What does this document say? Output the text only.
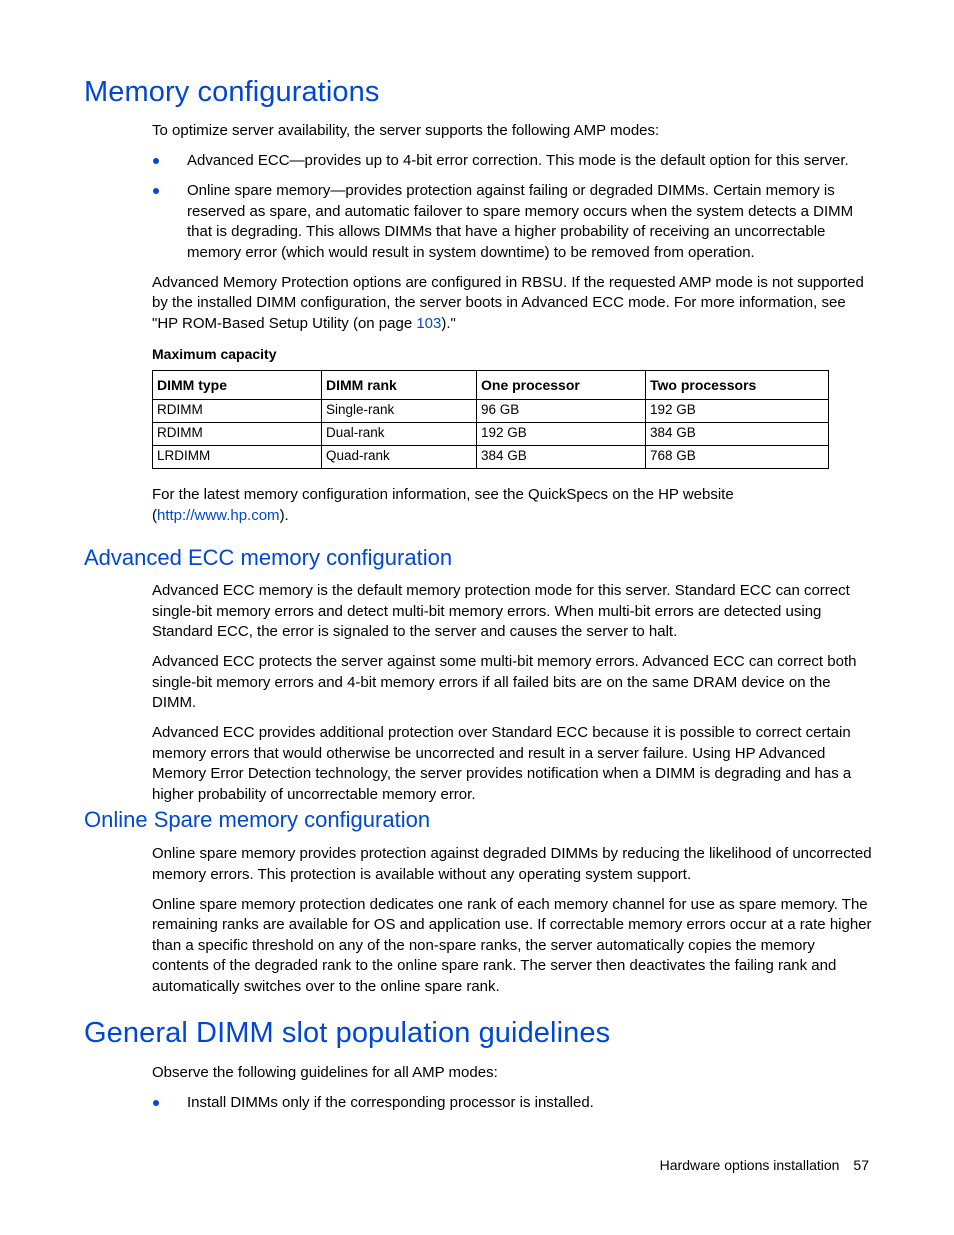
Memory configurations

To optimize server availability, the server supports the following AMP modes:

Advanced ECC—provides up to 4-bit error correction. This mode is the default option for this server.
Online spare memory—provides protection against failing or degraded DIMMs. Certain memory is reserved as spare, and automatic failover to spare memory occurs when the system detects a DIMM that is degrading. This allows DIMMs that have a higher probability of receiving an uncorrectable memory error (which would result in system downtime) to be removed from operation.

Advanced Memory Protection options are configured in RBSU. If the requested AMP mode is not supported by the installed DIMM configuration, the server boots in Advanced ECC mode. For more information, see "HP ROM-Based Setup Utility (on page 103)."

Maximum capacity

DIMM type	DIMM rank	One processor	Two processors
RDIMM	Single-rank	96 GB	192 GB
RDIMM	Dual-rank	192 GB	384 GB
LRDIMM	Quad-rank	384 GB	768 GB

For the latest memory configuration information, see the QuickSpecs on the HP website (http://www.hp.com).

Advanced ECC memory configuration

Advanced ECC memory is the default memory protection mode for this server. Standard ECC can correct single-bit memory errors and detect multi-bit memory errors. When multi-bit errors are detected using Standard ECC, the error is signaled to the server and causes the server to halt.

Advanced ECC protects the server against some multi-bit memory errors. Advanced ECC can correct both single-bit memory errors and 4-bit memory errors if all failed bits are on the same DRAM device on the DIMM.

Advanced ECC provides additional protection over Standard ECC because it is possible to correct certain memory errors that would otherwise be uncorrected and result in a server failure. Using HP Advanced Memory Error Detection technology, the server provides notification when a DIMM is degrading and has a higher probability of uncorrectable memory error.

Online Spare memory configuration

Online spare memory provides protection against degraded DIMMs by reducing the likelihood of uncorrected memory errors. This protection is available without any operating system support.

Online spare memory protection dedicates one rank of each memory channel for use as spare memory. The remaining ranks are available for OS and application use. If correctable memory errors occur at a rate higher than a specific threshold on any of the non-spare ranks, the server automatically copies the memory contents of the degraded rank to the online spare rank. The server then deactivates the failing rank and automatically switches over to the online spare rank.

General DIMM slot population guidelines

Observe the following guidelines for all AMP modes:

Install DIMMs only if the corresponding processor is installed.
Hardware options installation 57
